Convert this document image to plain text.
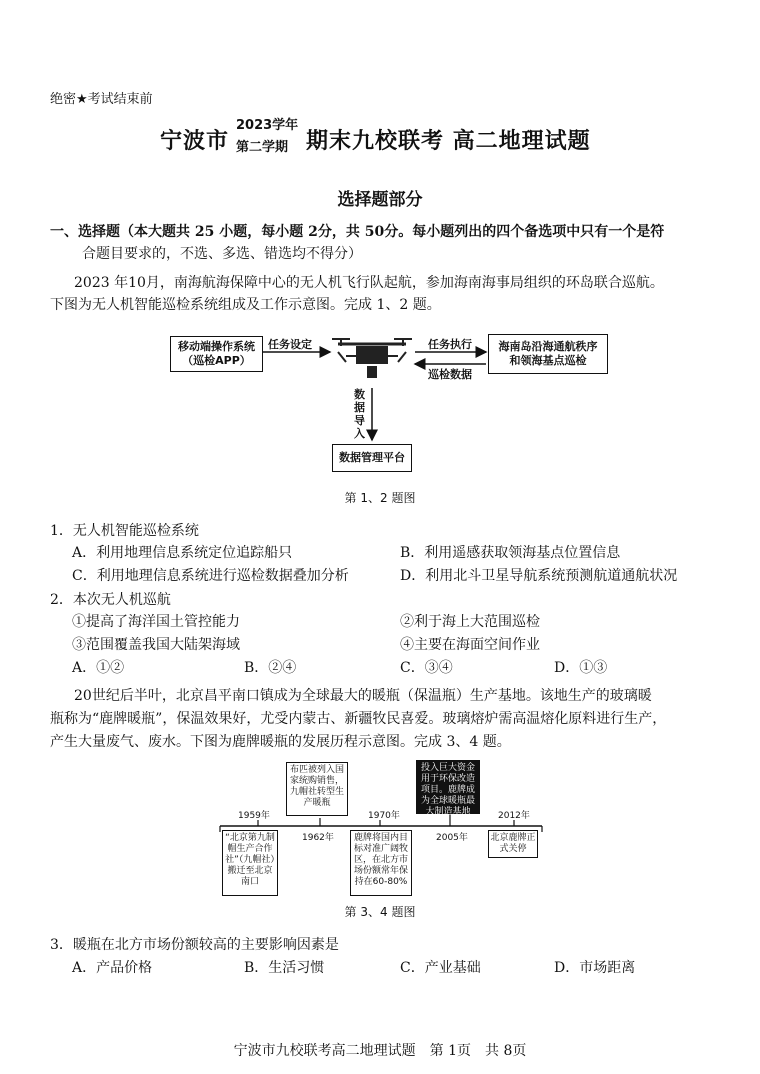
绝密★考试结束前
宁波市
2023学年
第二学期 期末九校联考 高二地理试题
选择题部分
一、选择题（本大题共 25 小题，每小题 2分，共 50分。每小题列出的四个备选项中只有一个是符
合题目要求的，不选、多选、错选均不得分）
2023 年10月，南海航海保障中心的无人机飞行队起航，参加海南海事局组织的环岛联合巡航。
下图为无人机智能巡检系统组成及工作示意图。完成 1、2 题。
移动端操作系统
（巡检APP）
任务设定	任务执行
巡检数据
海南岛沿海通航秩序
和领海基点巡检
数
据
导
入
数据管理平台
第 1、2 题图
1．无人机智能巡检系统
A．利用地理信息系统定位追踪船只	B．利用遥感获取领海基点位置信息
C．利用地理信息系统进行巡检数据叠加分析	D．利用北斗卫星导航系统预测航道通航状况
2．本次无人机巡航
①提高了海洋国土管控能力	②利于海上大范围巡检
③范围覆盖我国大陆架海域	④主要在海面空间作业
A．①②	B．②④	C．③④	D．①③
20世纪后半叶，北京昌平南口镇成为全球最大的暖瓶（保温瓶）生产基地。该地生产的玻璃暖
瓶称为“鹿牌暖瓶”，保温效果好，尤受内蒙古、新疆牧民喜爱。玻璃熔炉需高温熔化原料进行生产，
产生大量废气、废水。下图为鹿牌暖瓶的发展历程示意图。完成 3、4 题。
1959年
1962年
1970年
2005年
2012年
“北京第九制帽生产合作社”（九帽社）搬迁至北京南口
布匹被列入国家统购销售，九帽社转型生产暖瓶
鹿牌将国内目标对准广阔牧区，在北方市场份额常年保持在60-80%
投入巨大资金用于环保改造项目。鹿牌成为全球暖瓶最大制造基地
北京鹿牌正式关停
第 3、4 题图
3．暖瓶在北方市场份额较高的主要影响因素是
A．产品价格	B．生活习惯	C．产业基础	D．市场距离
宁波市九校联考高二地理试题　第 1页　共 8页
